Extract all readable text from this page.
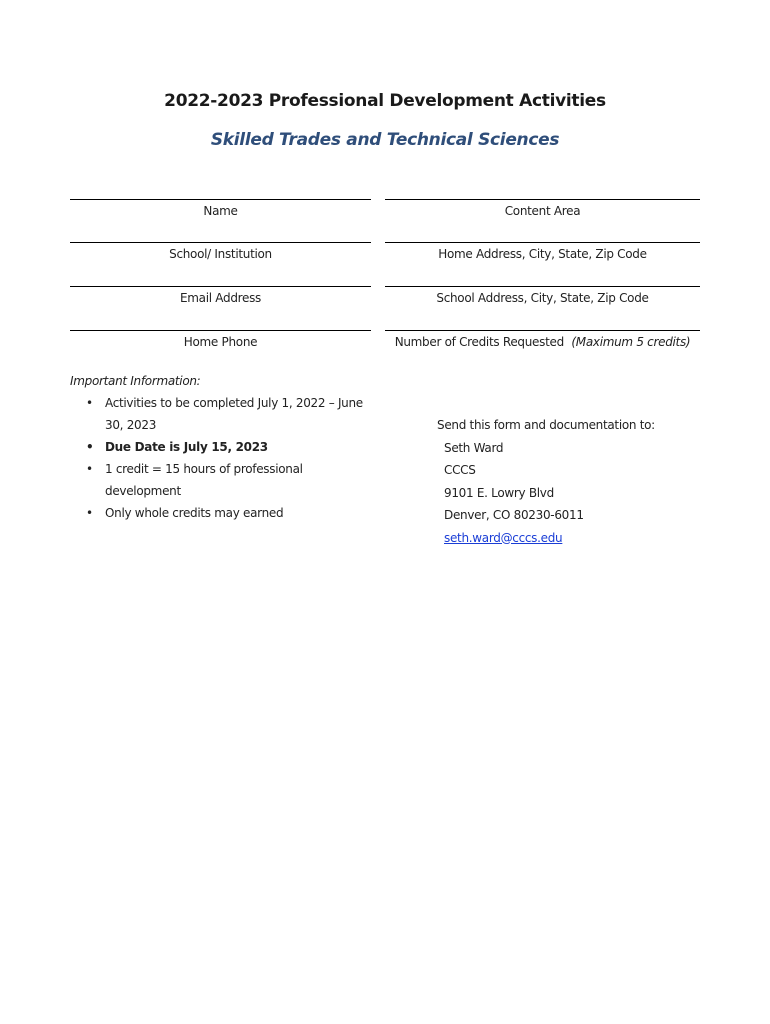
2022-2023 Professional Development Activities
Skilled Trades and Technical Sciences
Name	Content Area
School/ Institution	Home Address, City, State, Zip Code
Email Address	School Address, City, State, Zip Code
Home Phone	Number of Credits Requested (Maximum 5 credits)
Important Information:
• Activities to be completed July 1, 2022 – June 30, 2023
• Due Date is July 15, 2023
• 1 credit = 15 hours of professional development
• Only whole credits may earned
Send this form and documentation to:
Seth Ward
CCCS
9101 E. Lowry Blvd
Denver, CO 80230-6011
seth.ward@cccs.edu
